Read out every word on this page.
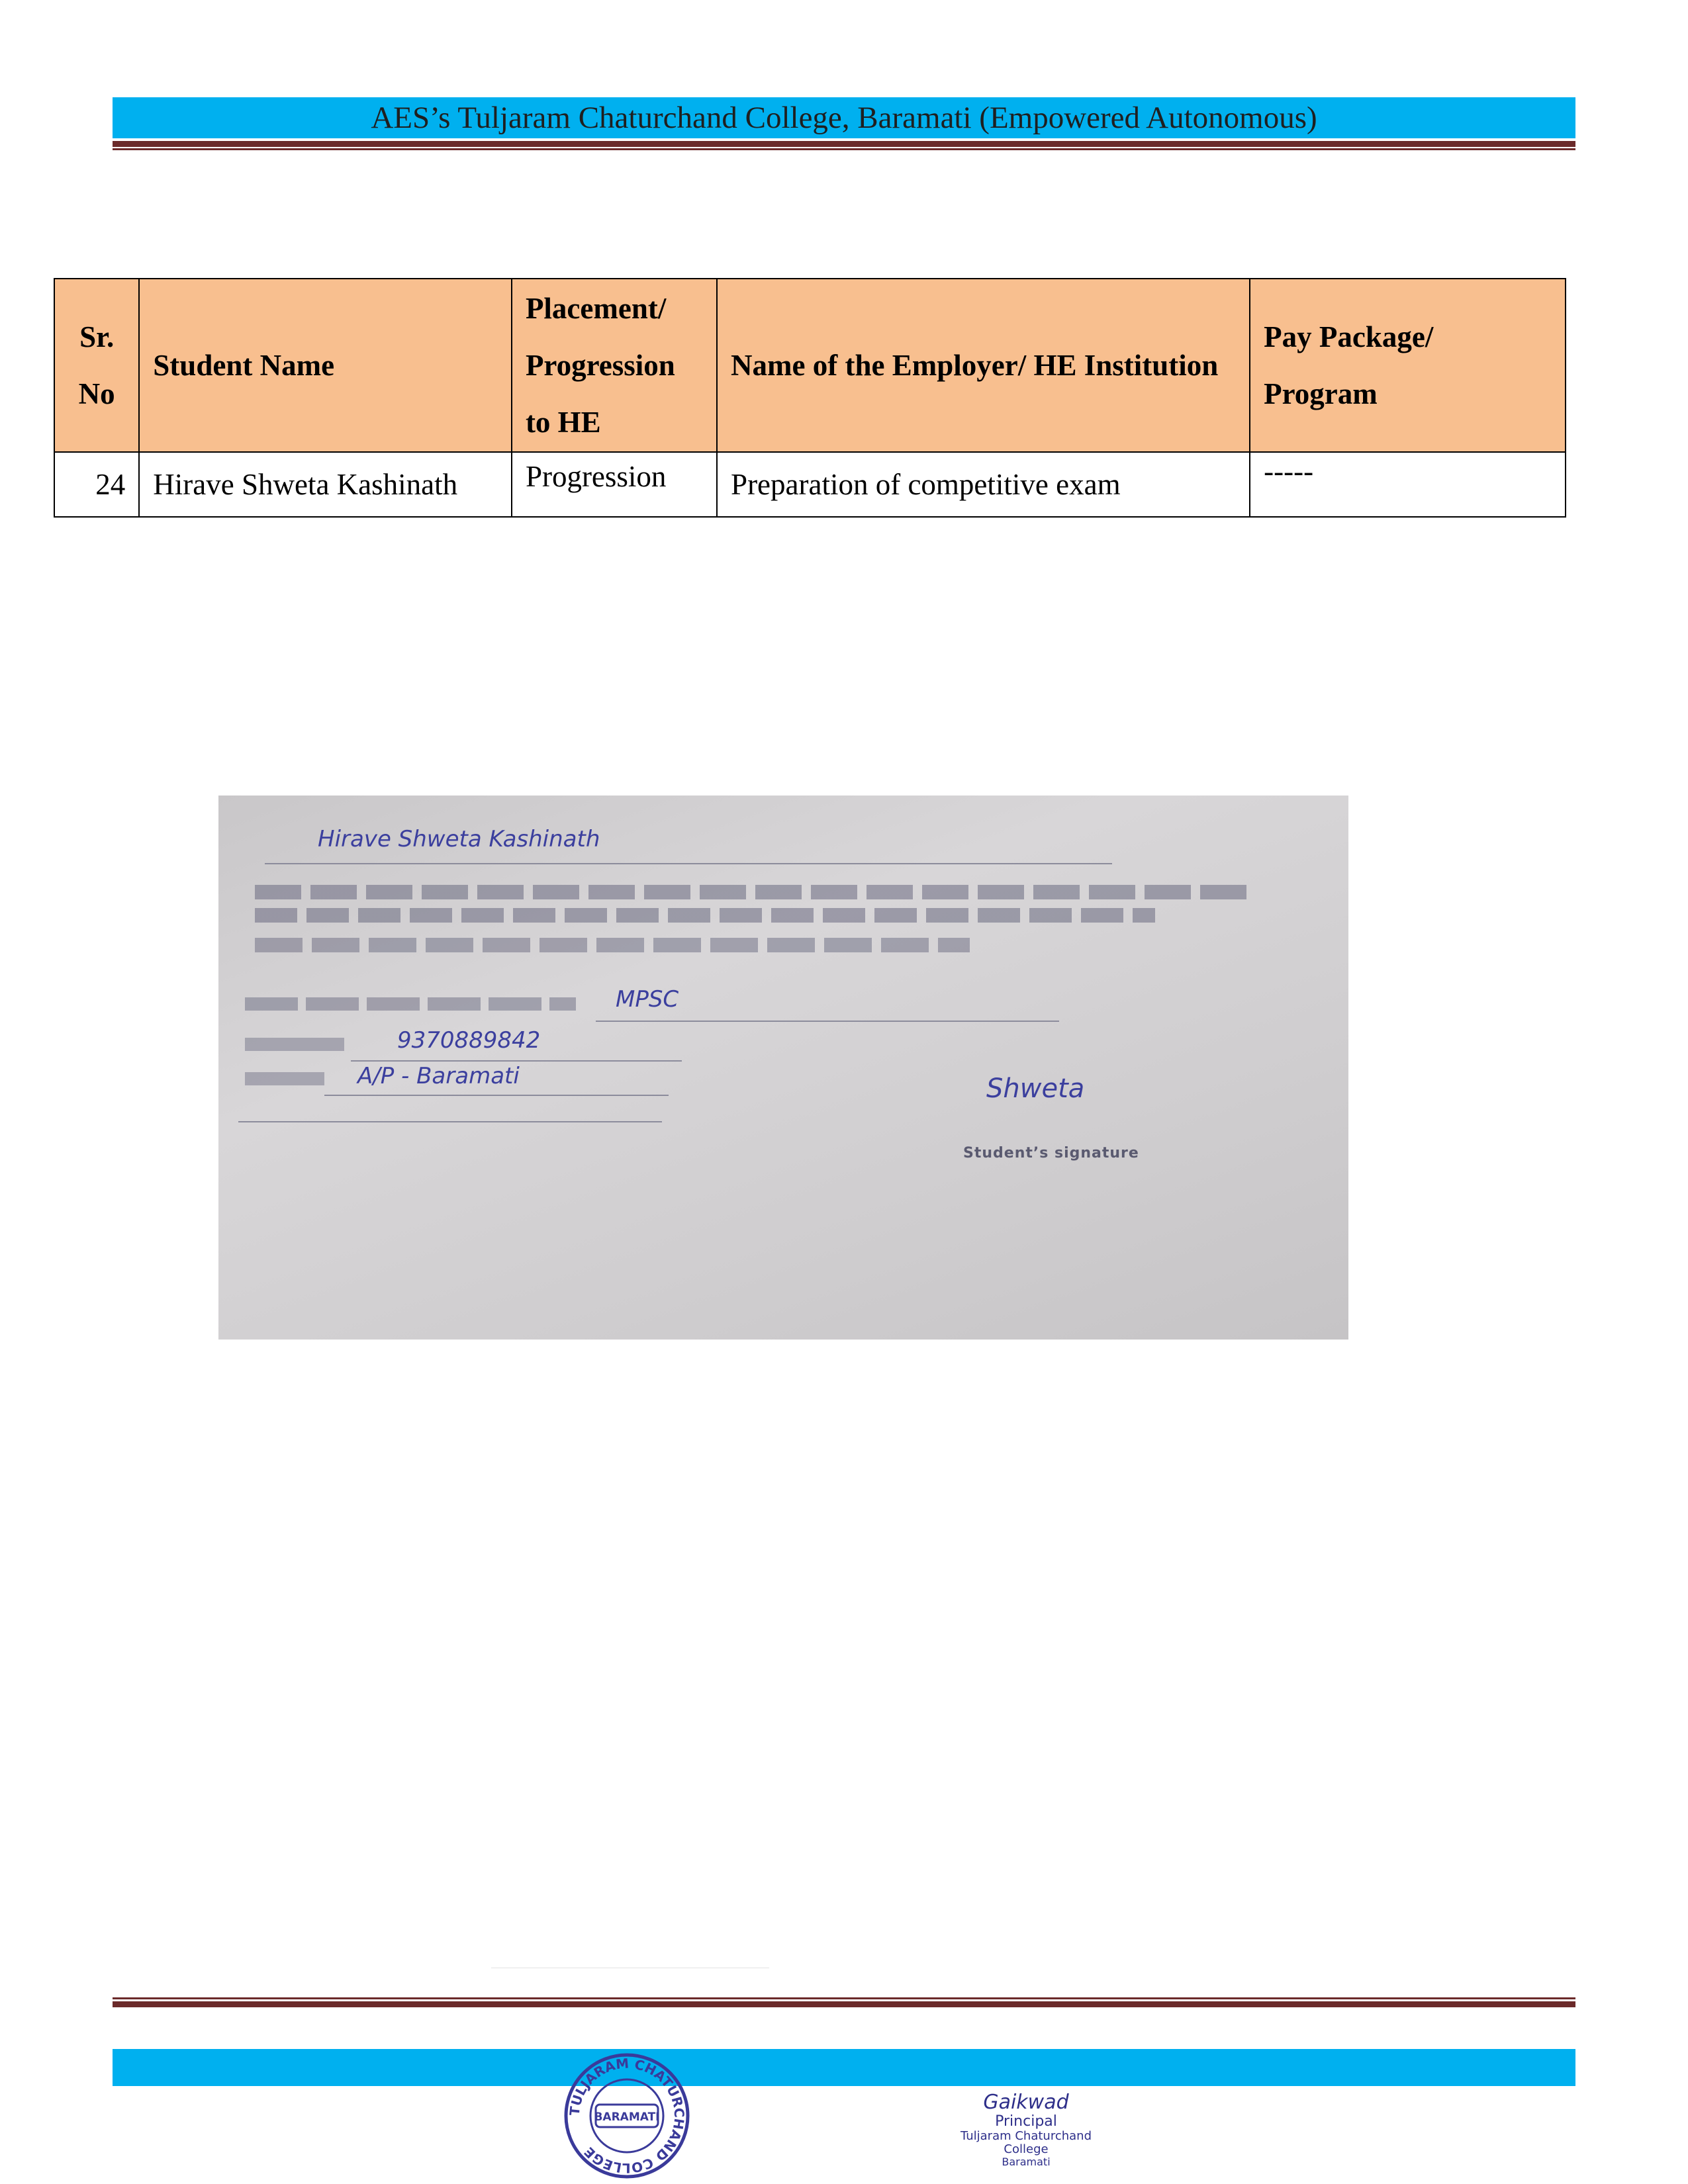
AES’s Tuljaram Chaturchand College, Baramati (Empowered Autonomous)
Sr. No	Student Name	Placement/ Progression to HE	Name of the Employer/ HE Institution	Pay Package/ Program
24	Hirave Shweta Kashinath	Progression	Preparation of competitive exam	-----
Hirave Shweta Kashinath
MPSC
9370889842
A/P - Baramati	Shweta
Student’s signature
TULJARAM CHATURCHAND COLLEGE
BARAMATI
Gaikwad
Principal
Tuljaram Chaturchand College
Baramati
